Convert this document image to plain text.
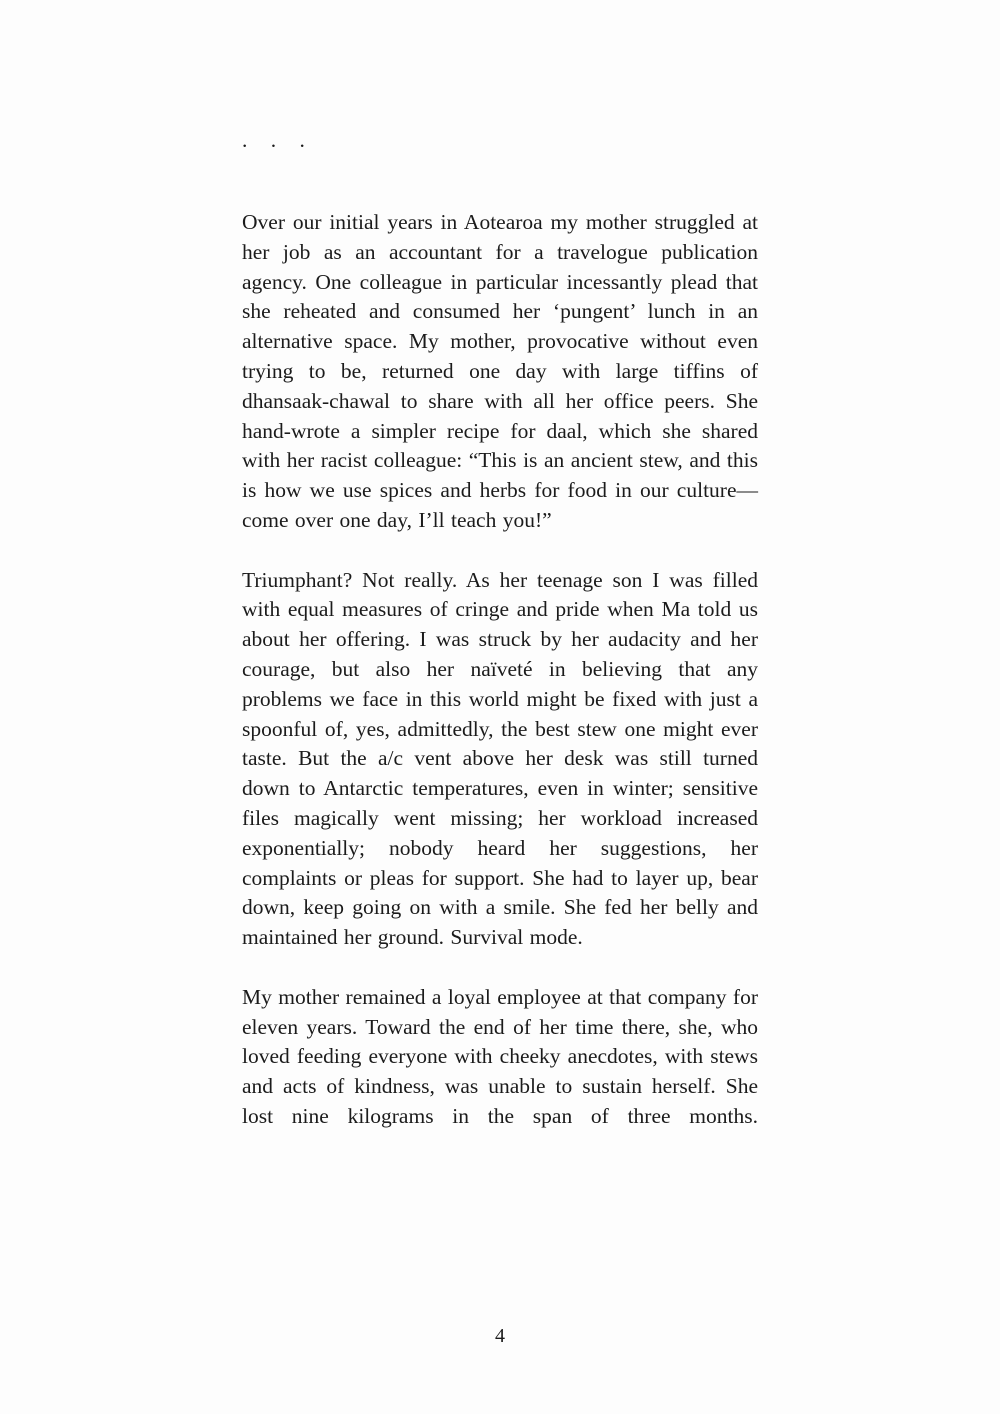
. . .

Over our initial years in Aotearoa my mother struggled at her job as an accountant for a travelogue publication agency. One colleague in particular incessantly plead that she reheated and consumed her ‘pungent’ lunch in an alternative space. My mother, provocative without even trying to be, returned one day with large tiffins of dhansaak-chawal to share with all her office peers. She hand-wrote a simpler recipe for daal, which she shared with her racist colleague: “This is an ancient stew, and this is how we use spices and herbs for food in our culture—come over one day, I’ll teach you!”

Triumphant? Not really. As her teenage son I was filled with equal measures of cringe and pride when Ma told us about her offering. I was struck by her audacity and her courage, but also her naïveté in believing that any problems we face in this world might be fixed with just a spoonful of, yes, admittedly, the best stew one might ever taste. But the a/c vent above her desk was still turned down to Antarctic temperatures, even in winter; sensitive files magically went missing; her workload increased exponentially; nobody heard her suggestions, her complaints or pleas for support. She had to layer up, bear down, keep going on with a smile. She fed her belly and maintained her ground. Survival mode.

My mother remained a loyal employee at that company for eleven years. Toward the end of her time there, she, who loved feeding everyone with cheeky anecdotes, with stews and acts of kindness, was unable to sustain herself. She lost nine kilograms in the span of three months.

4
